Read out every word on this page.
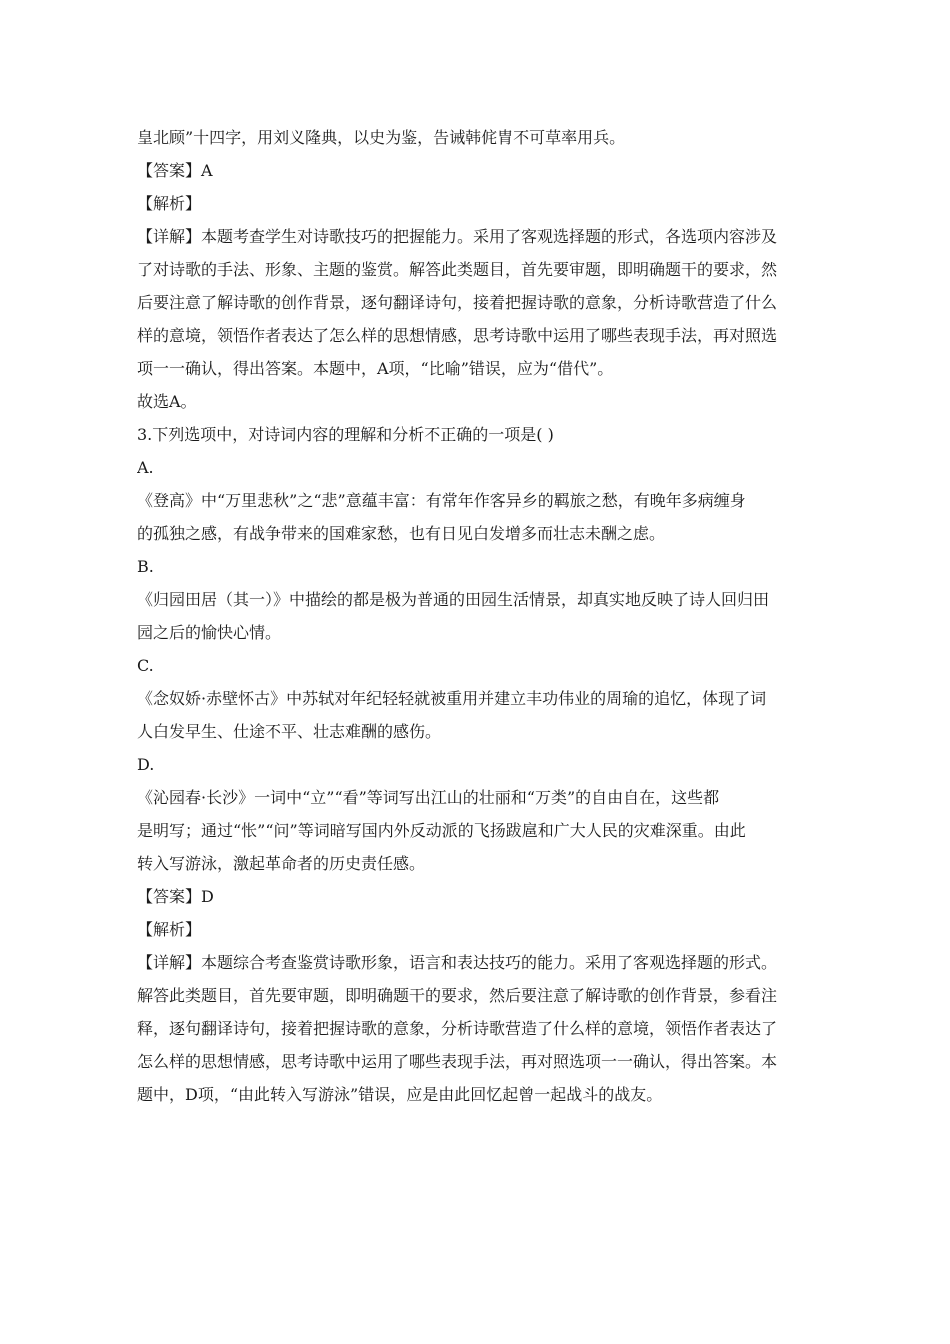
皇北顾”十四字，用刘义隆典，以史为鉴，告诫韩侂胄不可草率用兵。
【答案】A
【解析】
【详解】本题考查学生对诗歌技巧的把握能力。采用了客观选择题的形式，各选项内容涉及
了对诗歌的手法、形象、主题的鉴赏。解答此类题目，首先要审题，即明确题干的要求，然
后要注意了解诗歌的创作背景，逐句翻译诗句，接着把握诗歌的意象，分析诗歌营造了什么
样的意境，领悟作者表达了怎么样的思想情感，思考诗歌中运用了哪些表现手法，再对照选
项一一确认，得出答案。本题中，A项，“比喻”错误，应为“借代”。
故选A。
3.下列选项中，对诗词内容的理解和分析不正确的一项是( )
A.
《登高》中“万里悲秋”之“悲”意蕴丰富：有常年作客异乡的羁旅之愁，有晚年多病缠身
的孤独之感，有战争带来的国难家愁，也有日见白发增多而壮志未酬之虑。
B.
《归园田居（其一）》中描绘的都是极为普通的田园生活情景，却真实地反映了诗人回归田
园之后的愉快心情。
C.
《念奴娇·赤壁怀古》中苏轼对年纪轻轻就被重用并建立丰功伟业的周瑜的追忆，体现了词
人白发早生、仕途不平、壮志难酬的感伤。
D.
《沁园春·长沙》一词中“立”“看”等词写出江山的壮丽和“万类”的自由自在，这些都
是明写；通过“怅”“问”等词暗写国内外反动派的飞扬跋扈和广大人民的灾难深重。由此
转入写游泳，激起革命者的历史责任感。
【答案】D
【解析】
【详解】本题综合考查鉴赏诗歌形象，语言和表达技巧的能力。采用了客观选择题的形式。
解答此类题目，首先要审题，即明确题干的要求，然后要注意了解诗歌的创作背景，参看注
释，逐句翻译诗句，接着把握诗歌的意象，分析诗歌营造了什么样的意境，领悟作者表达了
怎么样的思想情感，思考诗歌中运用了哪些表现手法，再对照选项一一确认，得出答案。本
题中，D项，“由此转入写游泳”错误，应是由此回忆起曾一起战斗的战友。
